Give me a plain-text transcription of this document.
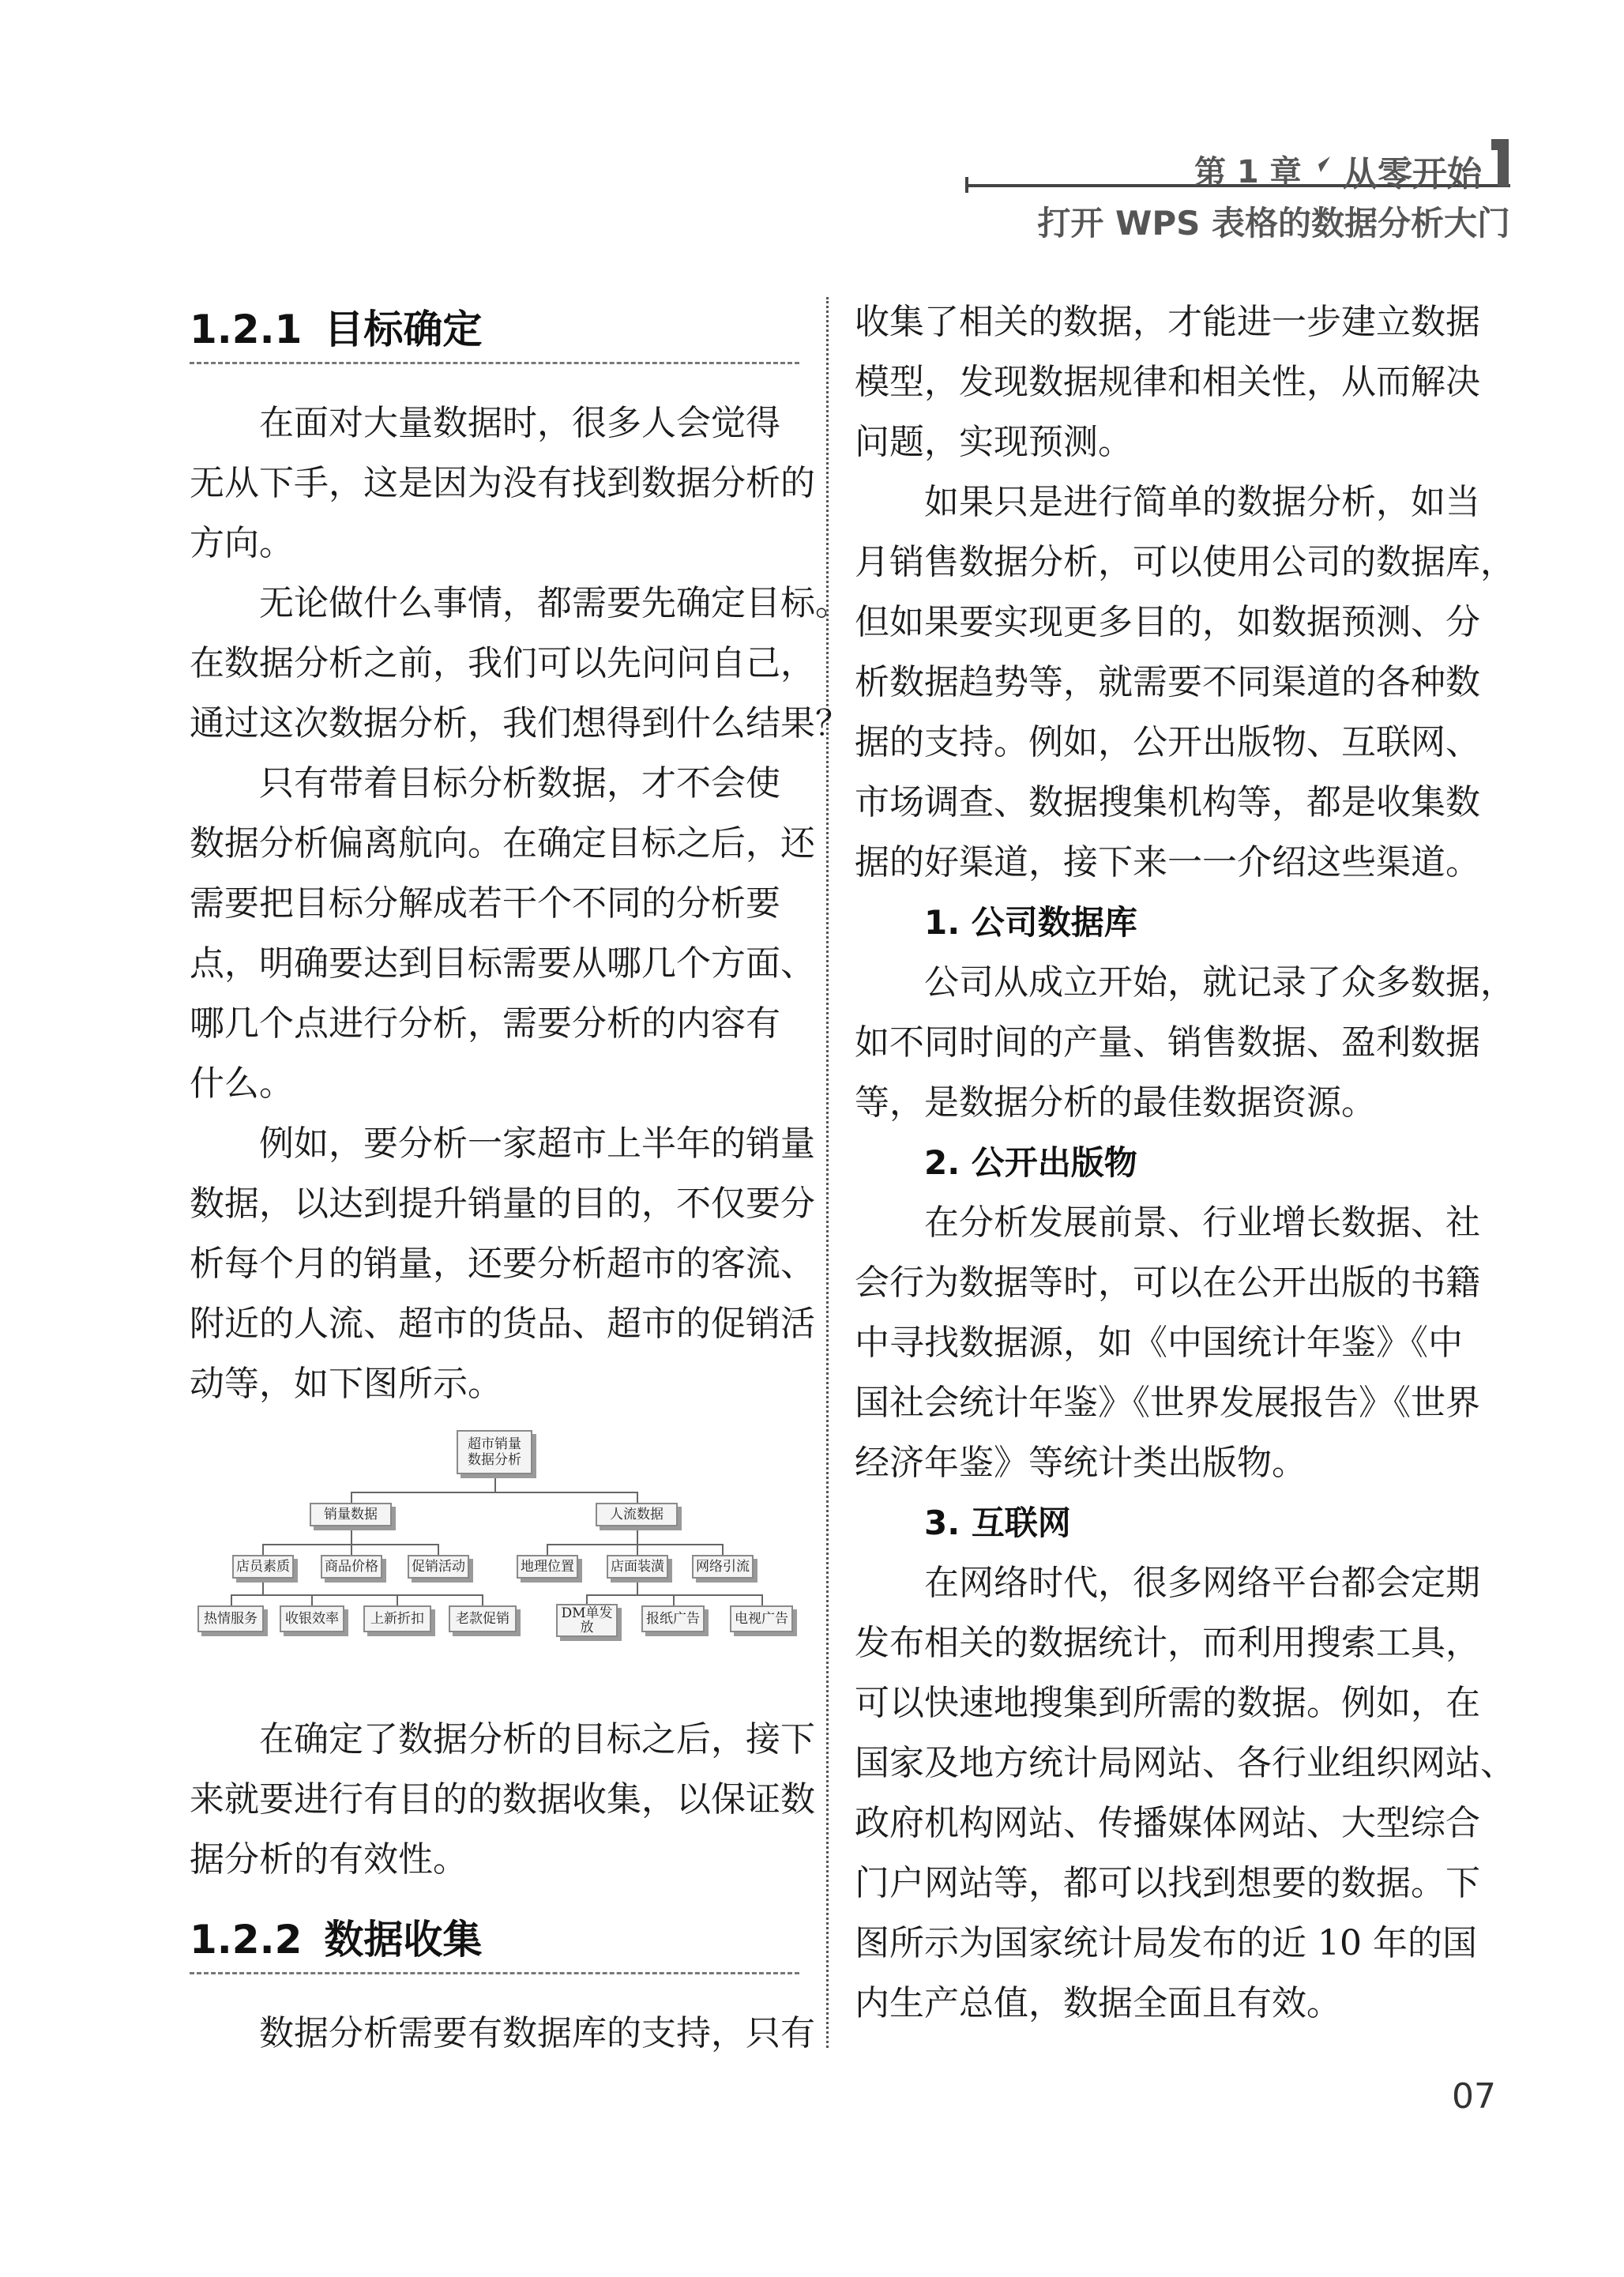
第 1 章 从零开始
打开 WPS 表格的数据分析大门
1.2.1 目标确定
在面对大量数据时，很多人会觉得
无从下手，这是因为没有找到数据分析的
方向。
无论做什么事情，都需要先确定目标。
在数据分析之前，我们可以先问问自己，
通过这次数据分析，我们想得到什么结果？
只有带着目标分析数据，才不会使
数据分析偏离航向。在确定目标之后，还
需要把目标分解成若干个不同的分析要
点，明确要达到目标需要从哪几个方面、
哪几个点进行分析，需要分析的内容有
什么。
例如，要分析一家超市上半年的销量
数据，以达到提升销量的目的，不仅要分
析每个月的销量，还要分析超市的客流、
附近的人流、超市的货品、超市的促销活
动等，如下图所示。
超市销量
数据分析
销量数据	人流数据
店员素质	商品价格 促销活动	地理位置	店面装潢 网络引流
热情服务	收银效率	上新折扣	老款促销	DM单发
放
报纸广告	电视广告
在确定了数据分析的目标之后，接下
来就要进行有目的的数据收集，以保证数
据分析的有效性。
1.2.2 数据收集
数据分析需要有数据库的支持，只有
收集了相关的数据，才能进一步建立数据
模型，发现数据规律和相关性，从而解决
问题，实现预测。
如果只是进行简单的数据分析，如当
月销售数据分析，可以使用公司的数据库，
但如果要实现更多目的，如数据预测、分
析数据趋势等，就需要不同渠道的各种数
据的支持。例如，公开出版物、互联网、
市场调查、数据搜集机构等，都是收集数
据的好渠道，接下来一一介绍这些渠道。
1. 公司数据库
公司从成立开始，就记录了众多数据，
如不同时间的产量、销售数据、盈利数据
等，是数据分析的最佳数据资源。
2. 公开出版物
在分析发展前景、行业增长数据、社
会行为数据等时，可以在公开出版的书籍
中寻找数据源，如《中国统计年鉴》《中
国社会统计年鉴》《世界发展报告》《世界
经济年鉴》等统计类出版物。
3. 互联网
在网络时代，很多网络平台都会定期
发布相关的数据统计，而利用搜索工具，
可以快速地搜集到所需的数据。例如，在
国家及地方统计局网站、各行业组织网站、
政府机构网站、传播媒体网站、大型综合
门户网站等，都可以找到想要的数据。下
图所示为国家统计局发布的近 10 年的国
内生产总值，数据全面且有效。
07
